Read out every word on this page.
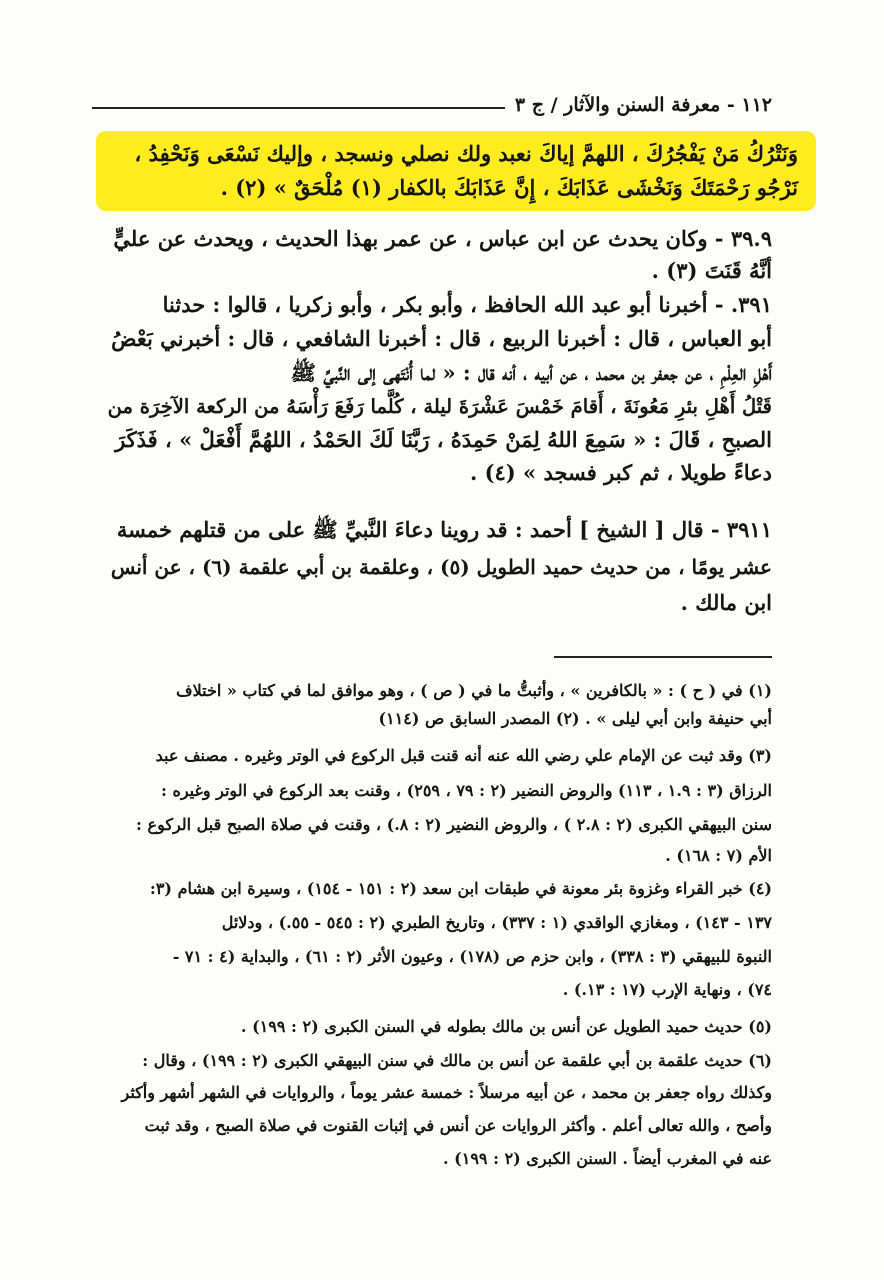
١١٢ - معرفة السنن والآثار / ج ٣
وَنَتْرُكُ مَنْ يَفْجُرُكَ ، اللهمَّ إياكَ نعبد ولك نصلي ونسجد ، وإليك نَسْعَى وَنَحْفِدُ ،
نَرْجُو رَحْمَتَكَ وَنَخْشَى عَذَابَكَ ، إِنَّ عَذَابَكَ بالكفار (١) مُلْحَقٌ » (٢) .
٣٩.٩ - وكان يحدث عن ابن عباس ، عن عمر بهذا الحديث ، ويحدث عن عليٍّ
أنَّهُ قَنَتَ (٣) .
٣٩١. - أخبرنا أبو عبد الله الحافظ ، وأبو بكر ، وأبو زكريا ، قالوا : حدثنا
أبو العباس ، قال : أخبرنا الربيع ، قال : أخبرنا الشافعي ، قال : أخبرني بَعْضُ
أَهْلِ العِلْمِ ، عن جعفر بن محمد ، عن أبيه ، أنه قال : « لما أُنْتَهى إلى النَّبيِّ ﷺ
قَتْلُ أَهْلِ بئرِ مَعُونَةَ ، أَقامَ خَمْسَ عَشْرَةَ ليلة ، كُلَّما رَفَعَ رَأْسَهُ من الركعة الآخِرَة من
الصبحِ ، قَالَ : « سَمِعَ اللهُ لِمَنْ حَمِدَهُ ، رَبَّنَا لَكَ الحَمْدُ ، اللهُمَّ أَفْعَلْ » ، فَذَكَرَ
دعاءً طويلا ، ثم كبر فسجد » (٤) .
٣٩١١ - قال [ الشيخ ] أحمد : قد روينا دعاءَ النَّبيِّ ﷺ على من قتلهم خمسة
عشر يومًا ، من حديث حميد الطويل (٥) ، وعلقمة بن أبي علقمة (٦) ، عن أنس
ابن مالك .
(١) في ( ح ) : « بالكافرين » ، وأثبتُّ ما في ( ص ) ، وهو موافق لما في كتاب « اختلاف
أبي حنيفة وابن أبي ليلى » . (٢) المصدر السابق ص (١١٤)
(٣) وقد ثبت عن الإمام علي رضي الله عنه أنه قنت قبل الركوع في الوتر وغيره . مصنف عبد
الرزاق (٣ : ١.٩ ، ١١٣) والروض النضير (٢ : ٧٩ ، ٢٥٩) ، وقنت بعد الركوع في الوتر وغيره :
سنن البيهقي الكبرى (٢ : ٢.٨ ) ، والروض النضير (٢ : ٨.) ، وقنت في صلاة الصبح قبل الركوع :
الأم (٧ : ١٦٨) .
(٤) خبر القراء وغزوة بئر معونة في طبقات ابن سعد (٢ : ١٥١ - ١٥٤) ، وسيرة ابن هشام (٣:
١٣٧ - ١٤٣) ، ومغازي الواقدي (١ : ٣٣٧) ، وتاريخ الطبري (٢ : ٥٤٥ - ٥٥.) ، ودلائل
النبوة للبيهقي (٣ : ٣٣٨) ، وابن حزم ص (١٧٨) ، وعيون الأثر (٢ : ٦١) ، والبداية (٤ : ٧١ -
٧٤) ، ونهاية الإرب (١٧ : ١٣.) .
(٥) حديث حميد الطويل عن أنس بن مالك بطوله في السنن الكبرى (٢ : ١٩٩) .
(٦) حديث علقمة بن أبي علقمة عن أنس بن مالك في سنن البيهقي الكبرى (٢ : ١٩٩) ، وقال :
وكذلك رواه جعفر بن محمد ، عن أبيه مرسلاً : خمسة عشر يوماً ، والروايات في الشهر أشهر وأكثر
وأصح ، والله تعالى أعلم . وأكثر الروايات عن أنس في إثبات القنوت في صلاة الصبح ، وقد ثبت
عنه في المغرب أيضاً . السنن الكبرى (٢ : ١٩٩) .
